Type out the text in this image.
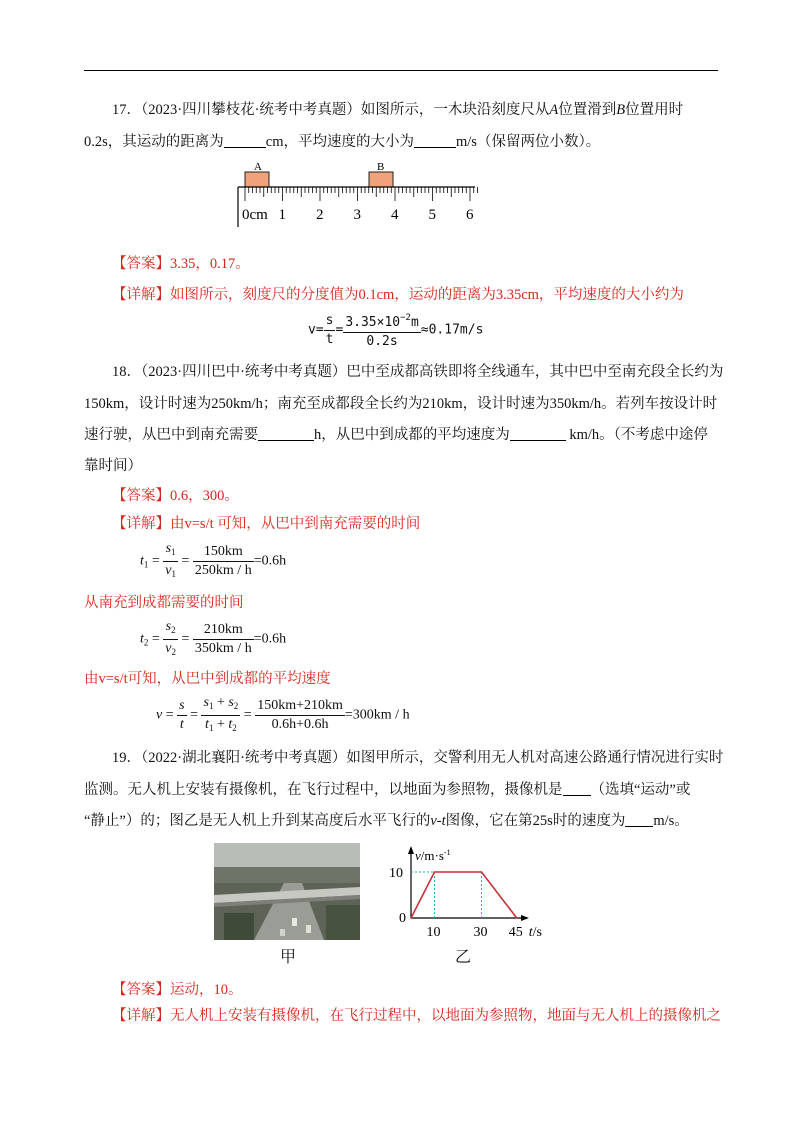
17．（2023·四川攀枝花·统考中考真题）如图所示，一木块沿刻度尺从A位置滑到B位置用时
0.2s，其运动的距离为	cm，平均速度的大小为	m/s（保留两位小数）。
A	B
0cm 1 2 3 4 5 6
【答案】3.35，0.17。
【详解】如图所示，刻度尺的分度值为0.1cm，运动的距离为3.35cm，平均速度的大小约为
$v= \frac{s}{t} = \frac{3.35\times 10^{-2}m}{0.2s} \approx 0.17m/s$
18．（2023·四川巴中·统考中考真题）巴中至成都高铁即将全线通车，其中巴中至南充段全长约为
150km，设计时速为250km/h；南充至成都段全长约为210km，设计时速为350km/h。若列车按设计时
速行驶，从巴中到南充需要	h，从巴中到成都的平均速度为	km/h。（不考虑中途停
靠时间）
【答案】0.6，300。
【详解】由v=s/t 可知，从巴中到南充需要的时间
$t_1 = \frac{s_1}{v_1} = \frac{150km}{250km / h} =0.6h$
从南充到成都需要的时间
$t_2 = \frac{s_2}{v_2} = \frac{210km}{350km / h} =0.6h$
由v=s/t可知，从巴中到成都的平均速度
$v = \frac{s}{t} = \frac{s_1 + s_2}{t_1 + t_2} = \frac{150km+210km}{0.6h+0.6h} =300km / h$
19．（2022·湖北襄阳·统考中考真题）如图甲所示，交警利用无人机对高速公路通行情况进行实时
监测。无人机上安装有摄像机，在飞行过程中，以地面为参照物，摄像机是 （选填“运动”或
“静止”）的；图乙是无人机上升到某高度后水平飞行的v-t图像，它在第25s时的速度为 m/s。
甲
$v/m\cdot s^{-1}$
10
0
10 30 45 t/s
乙
【答案】运动，10。
【详解】无人机上安装有摄像机，在飞行过程中，以地面为参照物，地面与无人机上的摄像机之
